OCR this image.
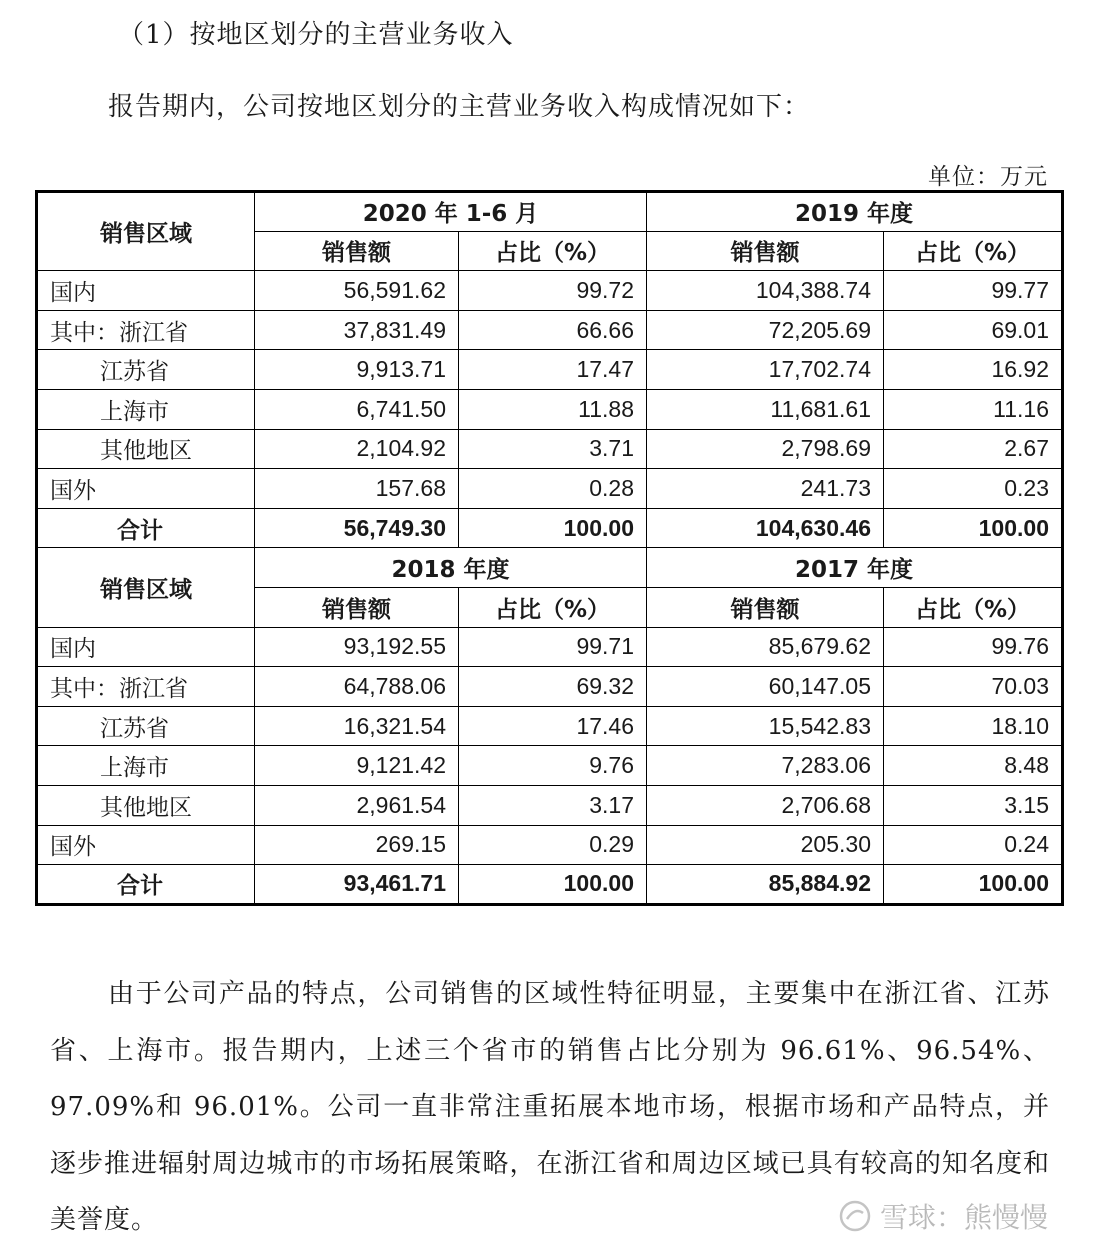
（1）按地区划分的主营业务收入
报告期内，公司按地区划分的主营业务收入构成情况如下：
单位：万元
销售区域	2020 年 1-6 月		2019 年度	
	销售额	占比（%）	销售额	占比（%）
国内	56,591.62	99.72	104,388.74	99.77
其中：浙江省	37,831.49	66.66	72,205.69	69.01
江苏省	9,913.71	17.47	17,702.74	16.92
上海市	6,741.50	11.88	11,681.61	11.16
其他地区	2,104.92	3.71	2,798.69	2.67
国外	157.68	0.28	241.73	0.23
合计	56,749.30	100.00	104,630.46	100.00
销售区域	2018 年度		2017 年度	
	销售额	占比（%）	销售额	占比（%）
国内	93,192.55	99.71	85,679.62	99.76
其中：浙江省	64,788.06	69.32	60,147.05	70.03
江苏省	16,321.54	17.46	15,542.83	18.10
上海市	9,121.42	9.76	7,283.06	8.48
其他地区	2,961.54	3.17	2,706.68	3.15
国外	269.15	0.29	205.30	0.24
合计	93,461.71	100.00	85,884.92	100.00
由于公司产品的特点，公司销售的区域性特征明显，主要集中在浙江省、江苏省、上海市。报告期内，上述三个省市的销售占比分别为 96.61%、96.54%、97.09%和 96.01%。公司一直非常注重拓展本地市场，根据市场和产品特点，并逐步推进辐射周边城市的市场拓展策略，在浙江省和周边区域已具有较高的知名度和美誉度。	雪球：熊慢慢
